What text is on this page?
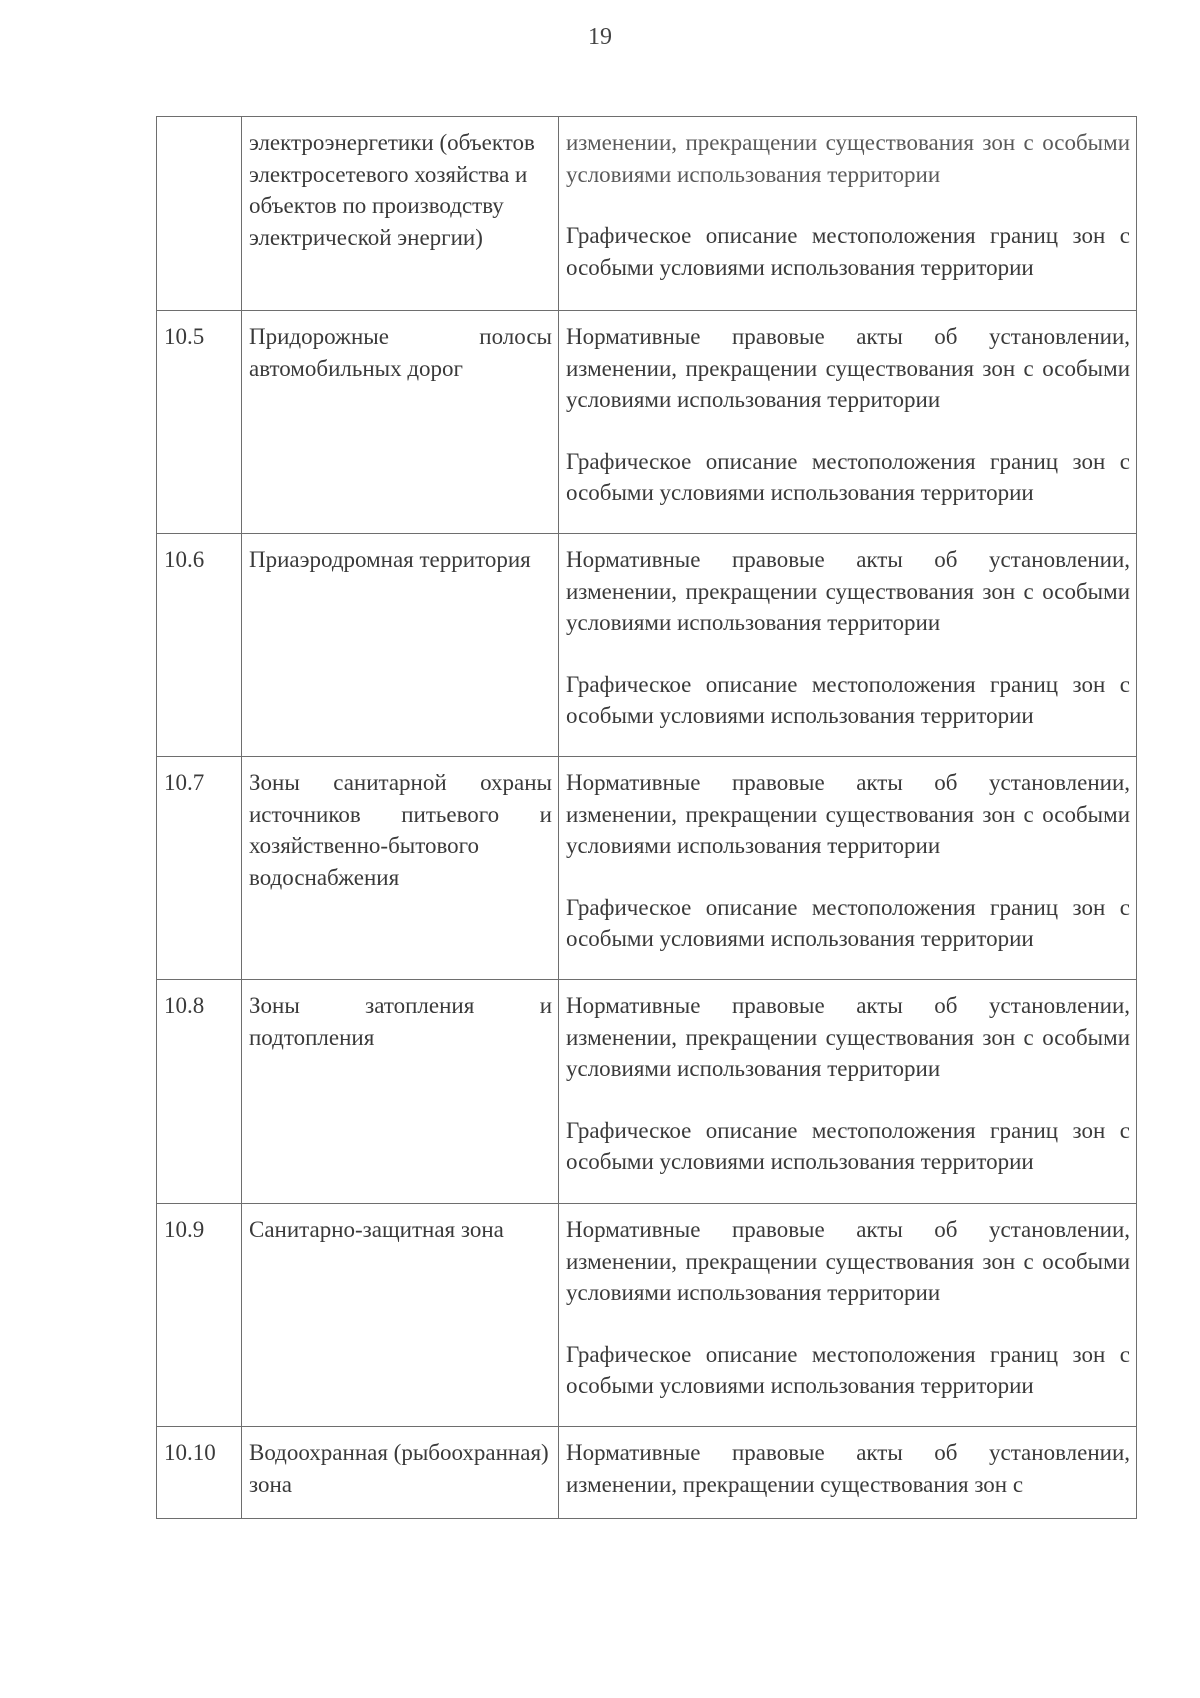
19
	электроэнергетики (объектов электросетевого хозяйства и объектов по производству электрической энергии)	изменении, прекращении существования зон с особыми условиями использования территории
Графическое описание местоположения границ зон с особыми условиями использования территории

10.5	Придорожные полосы автомобильных дорог	Нормативные правовые акты об установлении, изменении, прекращении существования зон с особыми условиями использования территории
Графическое описание местоположения границ зон с особыми условиями использования территории

10.6	Приаэродромная территория	Нормативные правовые акты об установлении, изменении, прекращении существования зон с особыми условиями использования территории
Графическое описание местоположения границ зон с особыми условиями использования территории

10.7	Зоны санитарной охраны источников питьевого и хозяйственно-бытового водоснабжения	Нормативные правовые акты об установлении, изменении, прекращении существования зон с особыми условиями использования территории
Графическое описание местоположения границ зон с особыми условиями использования территории

10.8	Зоны затопления и подтопления	Нормативные правовые акты об установлении, изменении, прекращении существования зон с особыми условиями использования территории
Графическое описание местоположения границ зон с особыми условиями использования территории

10.9	Санитарно-защитная зона	Нормативные правовые акты об установлении, изменении, прекращении существования зон с особыми условиями использования территории
Графическое описание местоположения границ зон с особыми условиями использования территории

10.10	Водоохранная (рыбоохранная) зона	Нормативные правовые акты об установлении, изменении, прекращении существования зон с
